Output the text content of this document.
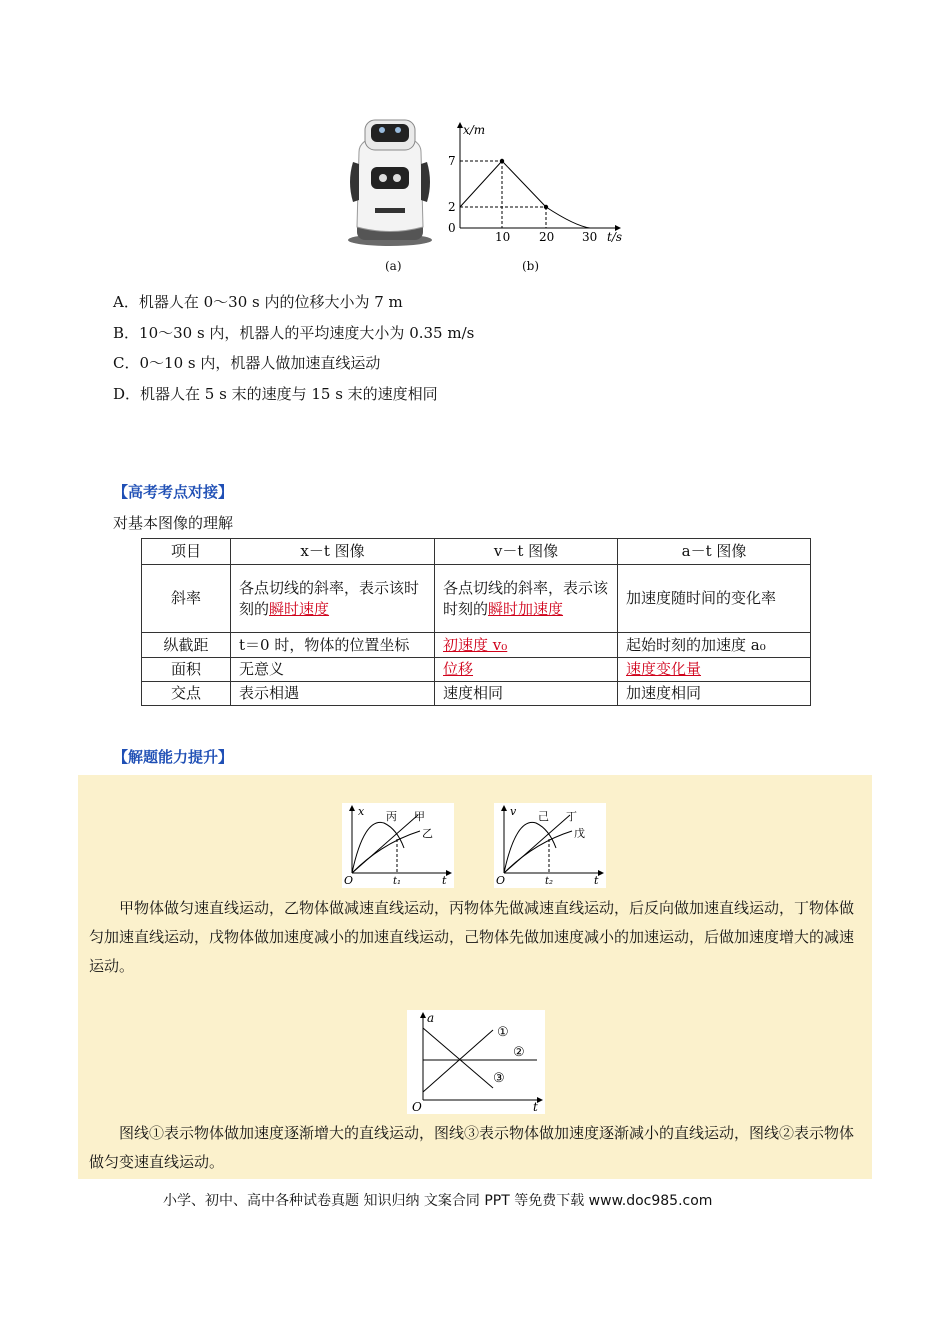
(a)
x/m
7
2
0
10 20 30 t/s
(b)
A．机器人在 0～30 s 内的位移大小为 7 m
B．10～30 s 内，机器人的平均速度大小为 0.35 m/s
C．0～10 s 内，机器人做加速直线运动
D．机器人在 5 s 末的速度与 15 s 末的速度相同
【高考考点对接】
对基本图像的理解
项目	x－t 图像	v－t 图像	a－t 图像
斜率	各点切线的斜率，表示该时刻的瞬时速度	各点切线的斜率，表示该时刻的瞬时加速度	加速度随时间的变化率
纵截距	t＝0 时，物体的位置坐标	初速度 v₀	起始时刻的加速度 a₀
面积	无意义	位移	速度变化量
交点	表示相遇	速度相同	加速度相同
【解题能力提升】
x 丙 甲
乙
O	t₁	t
v 己 丁
戊
O	t₂	t
甲物体做匀速直线运动，乙物体做减速直线运动，丙物体先做减速直线运动，后反向做加速直线运动，丁物体做匀加速直线运动，戊物体做加速度减小的加速直线运动，己物体先做加速度减小的加速运动，后做加速度增大的减速运动。
a
①
②
③
O	t
图线①表示物体做加速度逐渐增大的直线运动，图线③表示物体做加速度逐渐减小的直线运动，图线②表示物体做匀变速直线运动。
小学、初中、高中各种试卷真题 知识归纳 文案合同 PPT 等免费下载 www.doc985.com
